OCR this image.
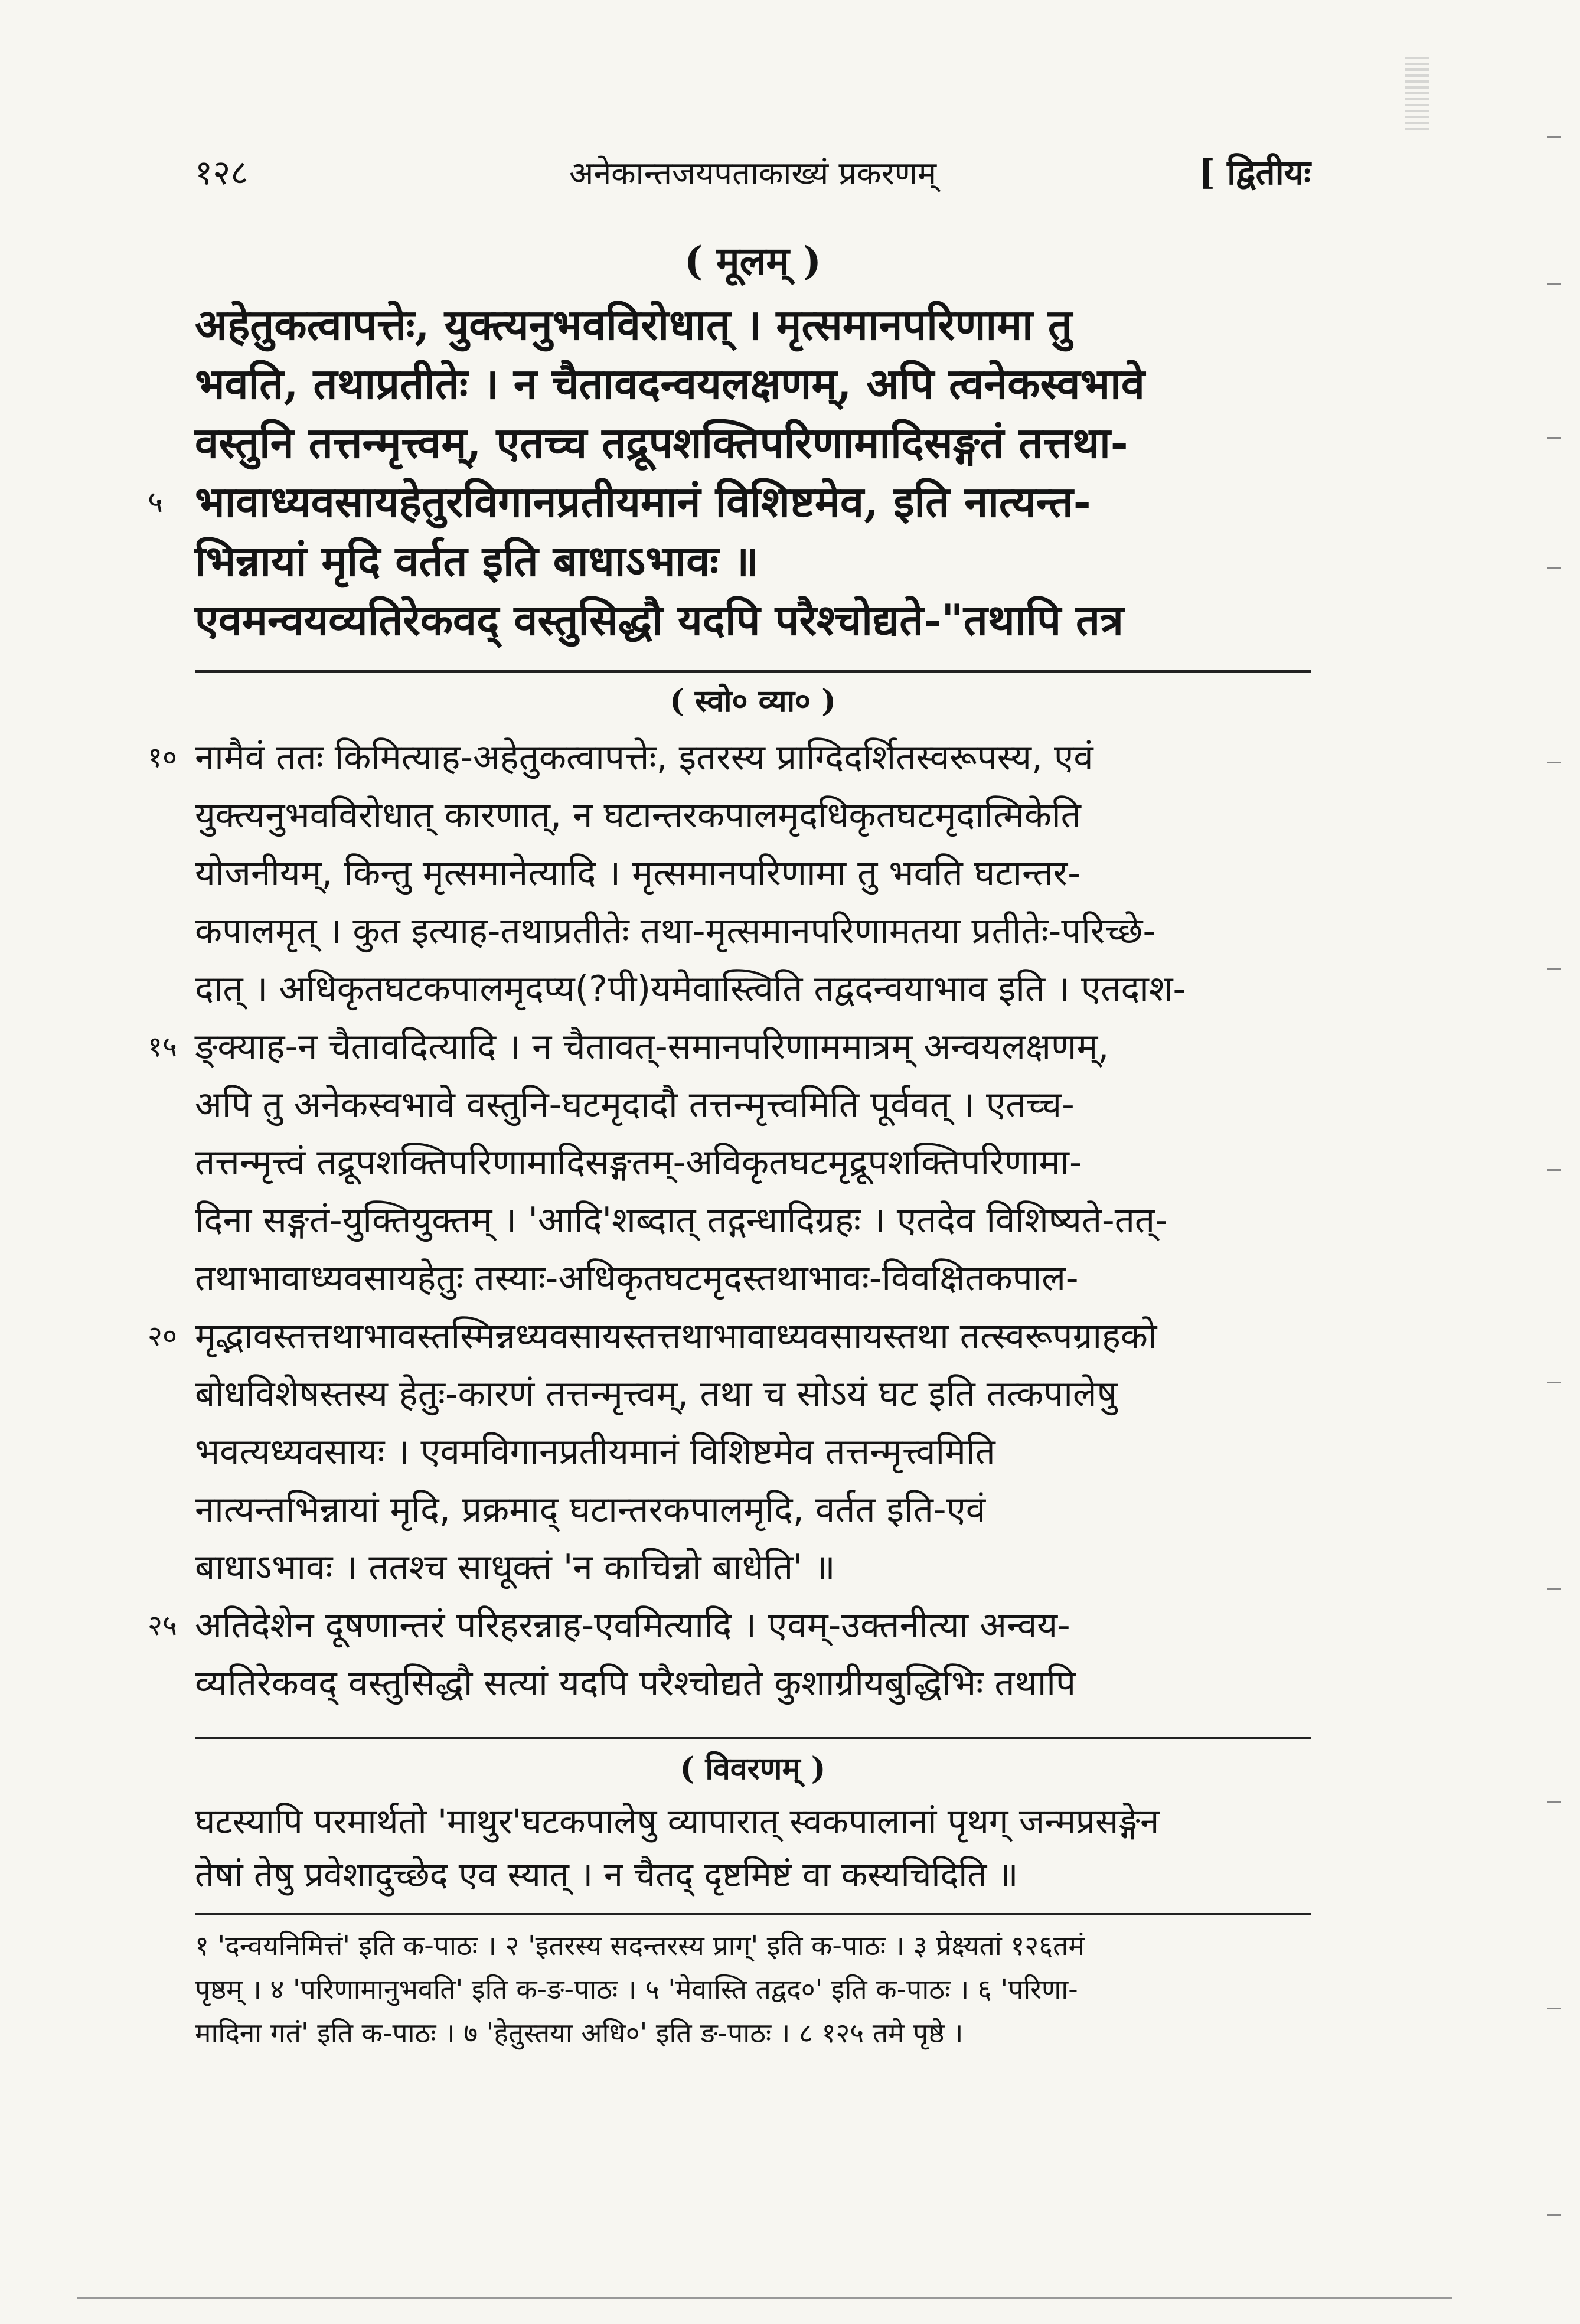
१२८	अनेकान्तजयपताकाख्यं प्रकरणम्	[ द्वितीयः
( मूलम् )
अहेतुकत्वापत्तेः, युक्त्यनुभवविरोधात् । मृत्समानपरिणामा तु
भवति, तथाप्रतीतेः । न चैतावदन्वयलक्षणम्, अपि त्वनेकस्वभावे
वस्तुनि तत्तन्मृत्त्वम्, एतच्च तद्रूपशक्तिपरिणामादिसङ्गतं तत्तथा-
भावाध्यवसायहेतुरविगानप्रतीयमानं विशिष्टमेव, इति नात्यन्त-
५
भिन्नायां मृदि वर्तत इति बाधाऽभावः ॥
एवमन्वयव्यतिरेकवद् वस्तुसिद्धौ यदपि परैश्चोद्यते-"तथापि तत्र
( स्वो० व्या० )
नामैवं ततः किमित्याह-अहेतुकत्वापत्तेः, इतरस्य प्राग्दिदर्शितस्वरूपस्य, एवं
१०
युक्त्यनुभवविरोधात् कारणात्, न घटान्तरकपालमृदधिकृतघटमृदात्मिकेति
योजनीयम्, किन्तु मृत्समानेत्यादि । मृत्समानपरिणामा तु भवति घटान्तर-
कपालमृत् । कुत इत्याह-तथाप्रतीतेः तथा-मृत्समानपरिणामतया प्रतीतेः-परिच्छे-
दात् । अधिकृतघटकपालमृदप्य(?पी)यमेवास्त्विति तद्वदन्वयाभाव इति । एतदाश-
ङ्क्याह-न चैतावदित्यादि । न चैतावत्-समानपरिणाममात्रम् अन्वयलक्षणम्,
१५
अपि तु अनेकस्वभावे वस्तुनि-घटमृदादौ तत्तन्मृत्त्वमिति पूर्ववत् । एतच्च-
तत्तन्मृत्त्वं तद्रूपशक्तिपरिणामादिसङ्गतम्-अविकृतघटमृद्रूपशक्तिपरिणामा-
दिना सङ्गतं-युक्तियुक्तम् । 'आदि'शब्दात् तद्गन्धादिग्रहः । एतदेव विशिष्यते-तत्-
तथाभावाध्यवसायहेतुः तस्याः-अधिकृतघटमृदस्तथाभावः-विवक्षितकपाल-
मृद्भावस्तत्तथाभावस्तस्मिन्नध्यवसायस्तत्तथाभावाध्यवसायस्तथा तत्स्वरूपग्राहको
२०
बोधविशेषस्तस्य हेतुः-कारणं तत्तन्मृत्त्वम्, तथा च सोऽयं घट इति तत्कपालेषु
भवत्यध्यवसायः । एवमविगानप्रतीयमानं विशिष्टमेव तत्तन्मृत्त्वमिति
नात्यन्तभिन्नायां मृदि, प्रक्रमाद् घटान्तरकपालमृदि, वर्तत इति-एवं
बाधाऽभावः । ततश्च साधूक्तं 'न काचिन्नो बाधेति' ॥
अतिदेशेन दूषणान्तरं परिहरन्नाह-एवमित्यादि । एवम्-उक्तनीत्या अन्वय-
२५
व्यतिरेकवद् वस्तुसिद्धौ सत्यां यदपि परैश्चोद्यते कुशाग्रीयबुद्धिभिः तथापि
( विवरणम् )
घटस्यापि परमार्थतो 'माथुर'घटकपालेषु व्यापारात् स्वकपालानां पृथग् जन्मप्रसङ्गेन
तेषां तेषु प्रवेशादुच्छेद एव स्यात् । न चैतद् दृष्टमिष्टं वा कस्यचिदिति ॥
१ 'दन्वयनिमित्तं' इति क-पाठः । २ 'इतरस्य सदन्तरस्य प्राग्' इति क-पाठः । ३ प्रेक्ष्यतां १२६तमं
पृष्ठम् । ४ 'परिणामानुभवति' इति क-ङ-पाठः । ५ 'मेवास्ति तद्वद०' इति क-पाठः । ६ 'परिणा-
मादिना गतं' इति क-पाठः । ७ 'हेतुस्तया अधि०' इति ङ-पाठः । ८ १२५ तमे पृष्ठे ।
